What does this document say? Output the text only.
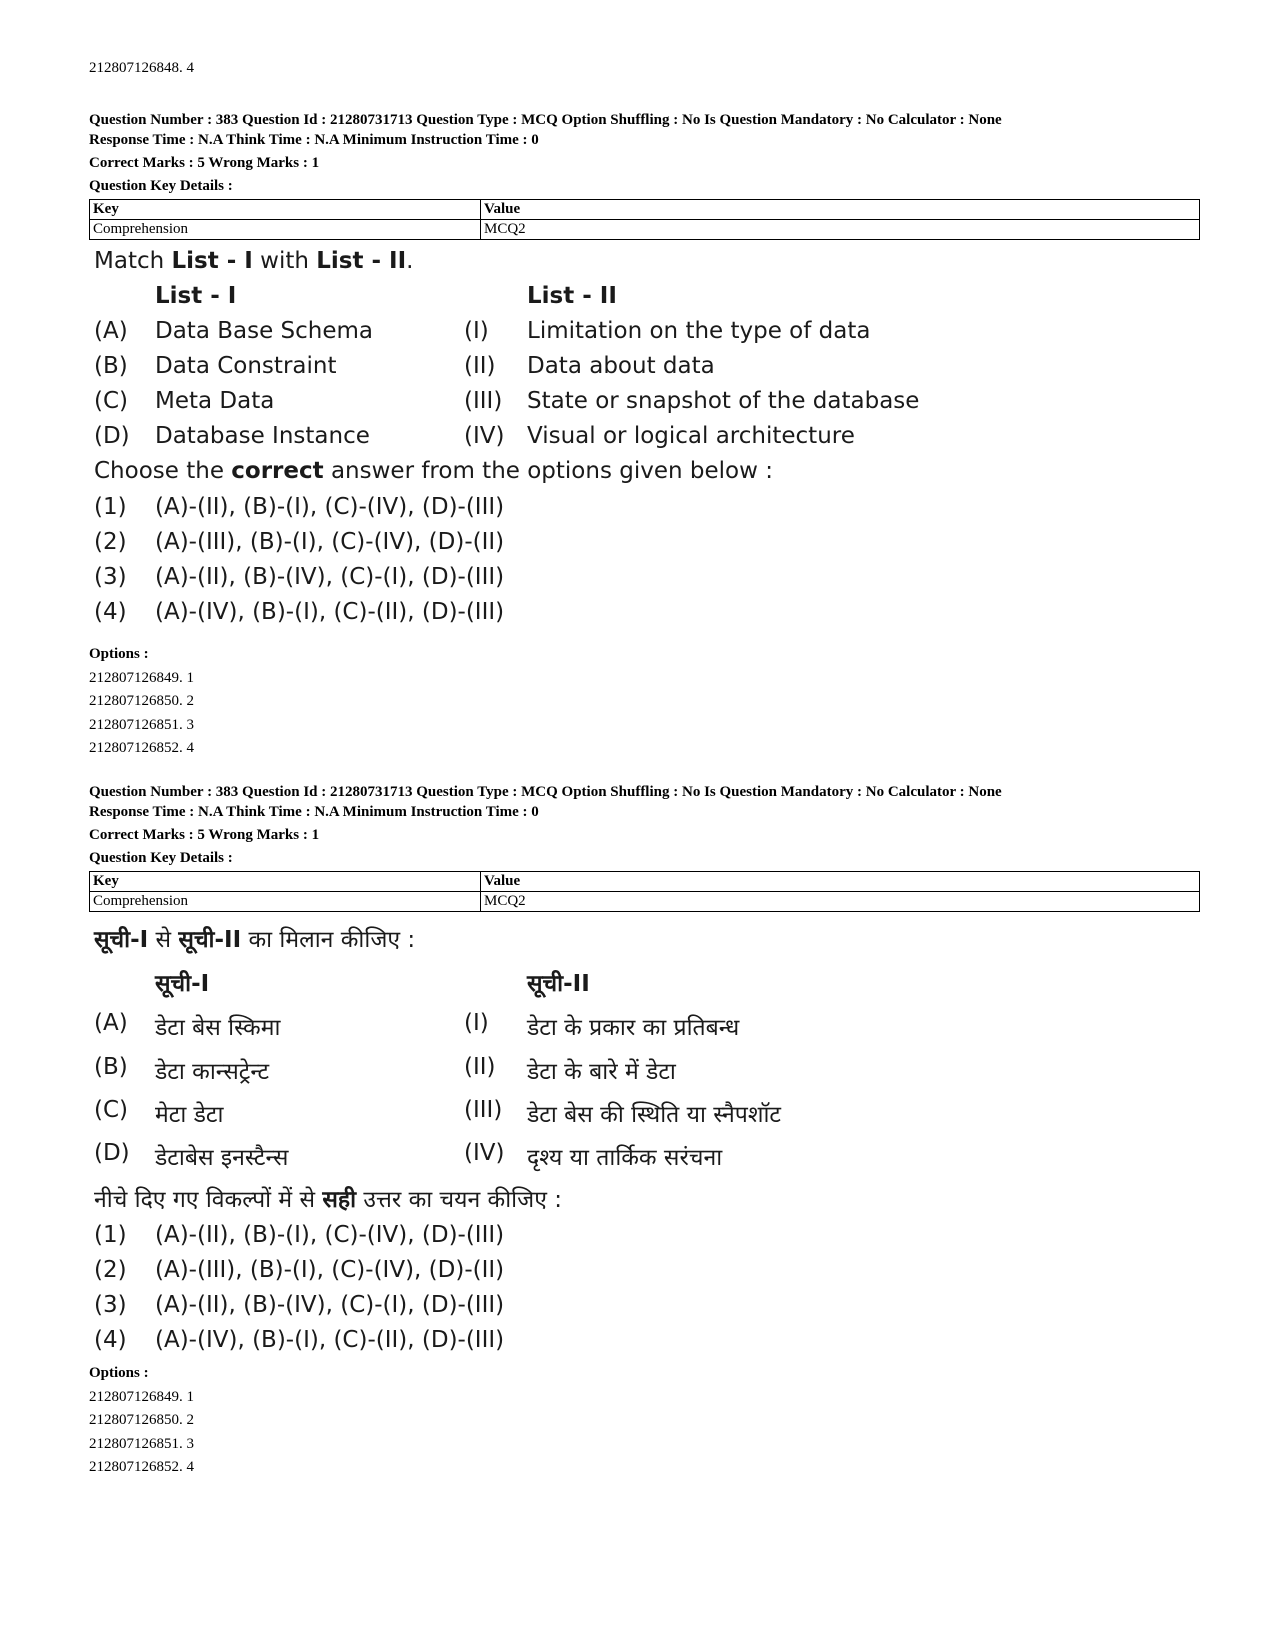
212807126848. 4
Question Number : 383 Question Id : 21280731713 Question Type : MCQ Option Shuffling : No Is Question Mandatory : No Calculator : None
Response Time : N.A Think Time : N.A Minimum Instruction Time : 0
Correct Marks : 5 Wrong Marks : 1
Question Key Details :
Key	Value
Comprehension	MCQ2
Match List - I with List - II.
List - I	List - II
(A) Data Base Schema	(I) Limitation on the type of data
(B) Data Constraint	(II) Data about data
(C) Meta Data	(III) State or snapshot of the database
(D) Database Instance	(IV) Visual or logical architecture
Choose the correct answer from the options given below :
(1) (A)-(II), (B)-(I), (C)-(IV), (D)-(III)
(2) (A)-(III), (B)-(I), (C)-(IV), (D)-(II)
(3) (A)-(II), (B)-(IV), (C)-(I), (D)-(III)
(4) (A)-(IV), (B)-(I), (C)-(II), (D)-(III)
Options :
212807126849. 1
212807126850. 2
212807126851. 3
212807126852. 4
Question Number : 383 Question Id : 21280731713 Question Type : MCQ Option Shuffling : No Is Question Mandatory : No Calculator : None
Response Time : N.A Think Time : N.A Minimum Instruction Time : 0
Correct Marks : 5 Wrong Marks : 1
Question Key Details :
Key	Value
Comprehension	MCQ2
सूची-I से सूची-II का मिलान कीजिए :
सूची-I	सूची-II
(A) डेटा बेस स्किमा	(I) डेटा के प्रकार का प्रतिबन्ध
(B) डेटा कान्सट्रेन्ट	(II) डेटा के बारे में डेटा
(C) मेटा डेटा	(III) डेटा बेस की स्थिति या स्नैपशॉट
(D) डेटाबेस इनस्टैन्स	(IV) दृश्य या तार्किक सरंचना
नीचे दिए गए विकल्पों में से सही उत्तर का चयन कीजिए :
(1) (A)-(II), (B)-(I), (C)-(IV), (D)-(III)
(2) (A)-(III), (B)-(I), (C)-(IV), (D)-(II)
(3) (A)-(II), (B)-(IV), (C)-(I), (D)-(III)
(4) (A)-(IV), (B)-(I), (C)-(II), (D)-(III)
Options :
212807126849. 1
212807126850. 2
212807126851. 3
212807126852. 4
